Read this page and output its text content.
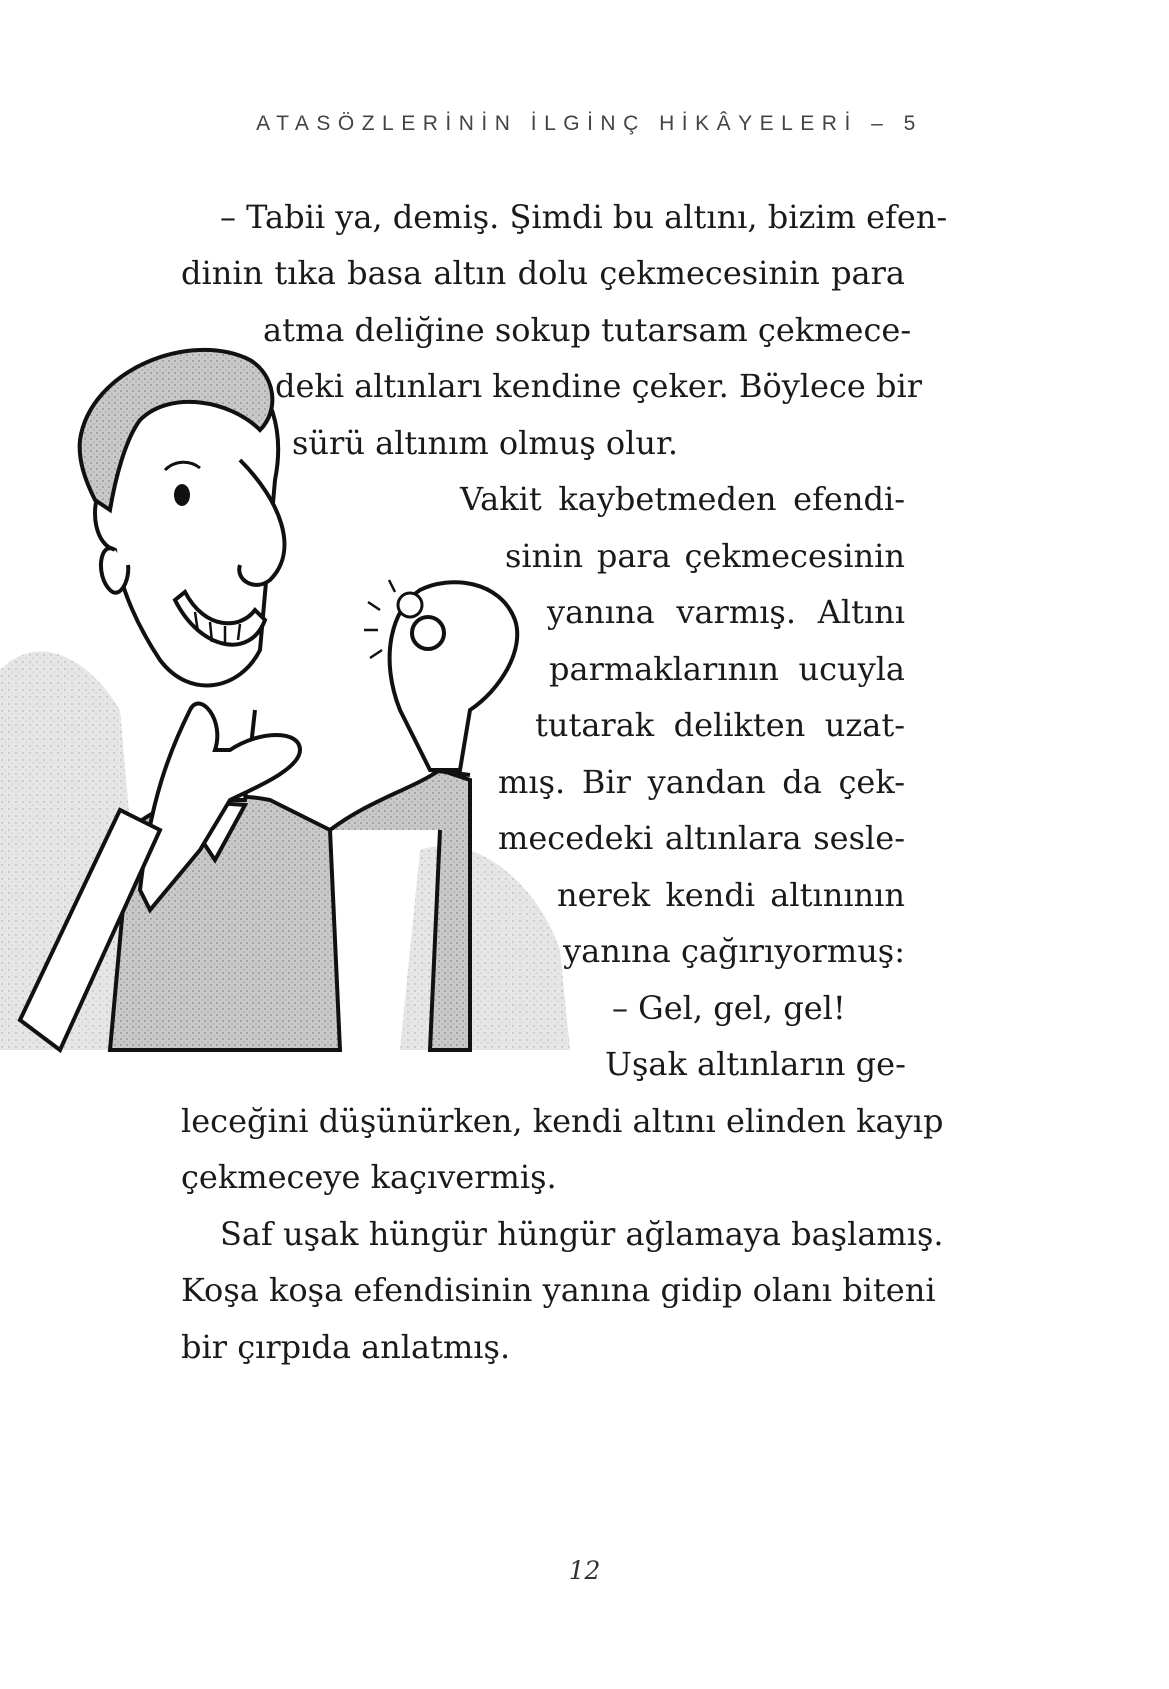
ATASÖZLERİNİN İLGİNÇ HİKÂYELERİ – 5
– Tabii ya, demiş. Şimdi bu altını, bizim efen-
dinin tıka basa altın dolu çekmecesinin para
atma deliğine sokup tutarsam çekmece-
deki altınları kendine çeker. Böylece bir
sürü altınım olmuş olur.
Vakit kaybetmeden efendi-
sinin para çekmecesinin
yanına varmış. Altını
parmaklarının ucuyla
tutarak delikten uzat-
mış. Bir yandan da çek-
mecedeki altınlara sesle-
nerek kendi altınının
yanına çağırıyormuş:
– Gel, gel, gel!
Uşak altınların ge-
leceğini düşünürken, kendi altını elinden kayıp
çekmeceye kaçıvermiş.
Saf uşak hüngür hüngür ağlamaya başlamış.
Koşa koşa efendisinin yanına gidip olanı biteni
bir çırpıda anlatmış.
12
